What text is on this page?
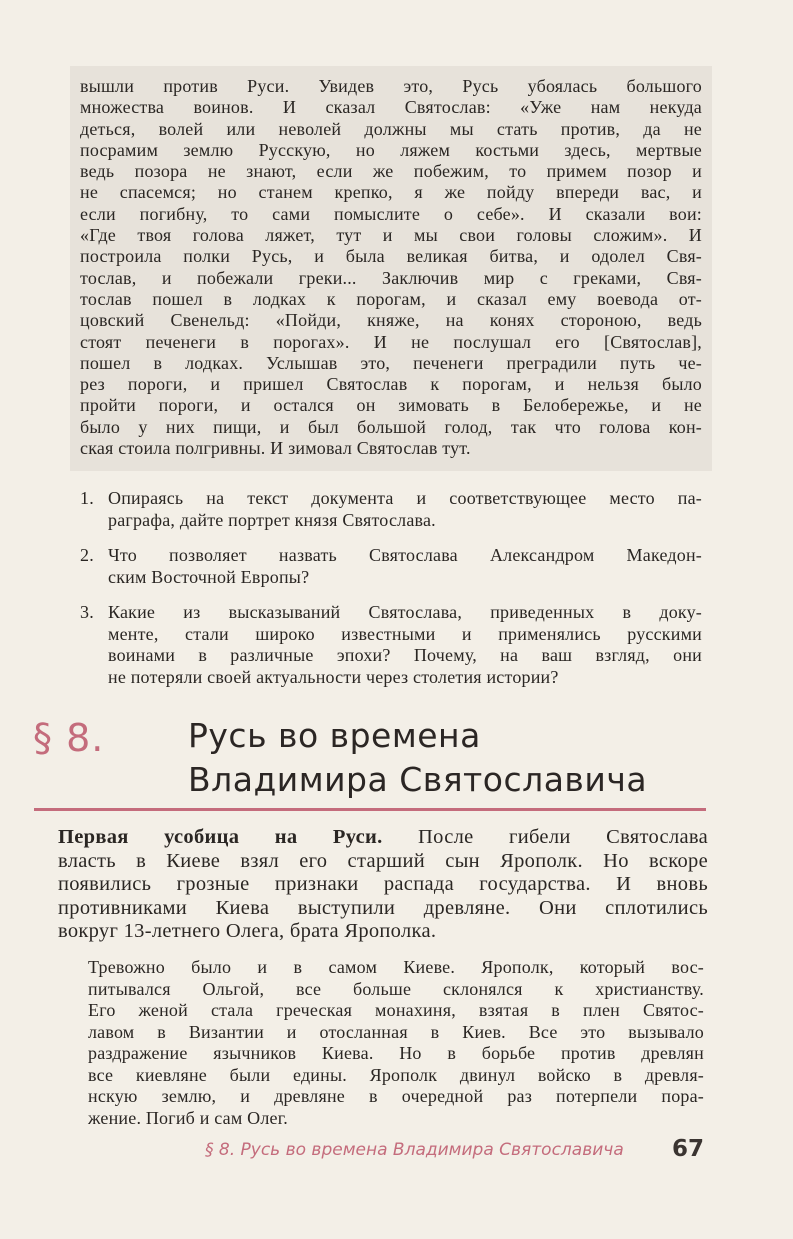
вышли против Руси. Увидев это, Русь убоялась большого
множества воинов. И сказал Святослав: «Уже нам некуда
деться, волей или неволей должны мы стать против, да не
посрамим землю Русскую, но ляжем костьми здесь, мертвые
ведь позора не знают, если же побежим, то примем позор и
не спасемся; но станем крепко, я же пойду впереди вас, и
если погибну, то сами помыслите о себе». И сказали вои:
«Где твоя голова ляжет, тут и мы свои головы сложим». И
построила полки Русь, и была великая битва, и одолел Свя-
тослав, и побежали греки... Заключив мир с греками, Свя-
тослав пошел в лодках к порогам, и сказал ему воевода от-
цовский Свенельд: «Пойди, княже, на конях стороною, ведь
стоят печенеги в порогах». И не послушал его [Святослав],
пошел в лодках. Услышав это, печенеги преградили путь че-
рез пороги, и пришел Святослав к порогам, и нельзя было
пройти пороги, и остался он зимовать в Белобережье, и не
было у них пищи, и был большой голод, так что голова кон-
ская стоила полгривны. И зимовал Святослав тут.
1. Опираясь на текст документа и соответствующее место па-
раграфа, дайте портрет князя Святослава.
2. Что позволяет назвать Святослава Александром Македон-
ским Восточной Европы?
3. Какие из высказываний Святослава, приведенных в доку-
менте, стали широко известными и применялись русскими
воинами в различные эпохи? Почему, на ваш взгляд, они
не потеряли своей актуальности через столетия истории?
§ 8.	Русь во времена
Владимира Святославича
Первая усобица на Руси. После гибели Святослава
власть в Киеве взял его старший сын Ярополк. Но вскоре
появились грозные признаки распада государства. И вновь
противниками Киева выступили древляне. Они сплотились
вокруг 13-летнего Олега, брата Ярополка.
Тревожно было и в самом Киеве. Ярополк, который вос-
питывался Ольгой, все больше склонялся к христианству.
Его женой стала греческая монахиня, взятая в плен Святос-
лавом в Византии и отосланная в Киев. Все это вызывало
раздражение язычников Киева. Но в борьбе против древлян
все киевляне были едины. Ярополк двинул войско в древля-
нскую землю, и древляне в очередной раз потерпели пора-
жение. Погиб и сам Олег.
§ 8. Русь во времена Владимира Святославича 67
